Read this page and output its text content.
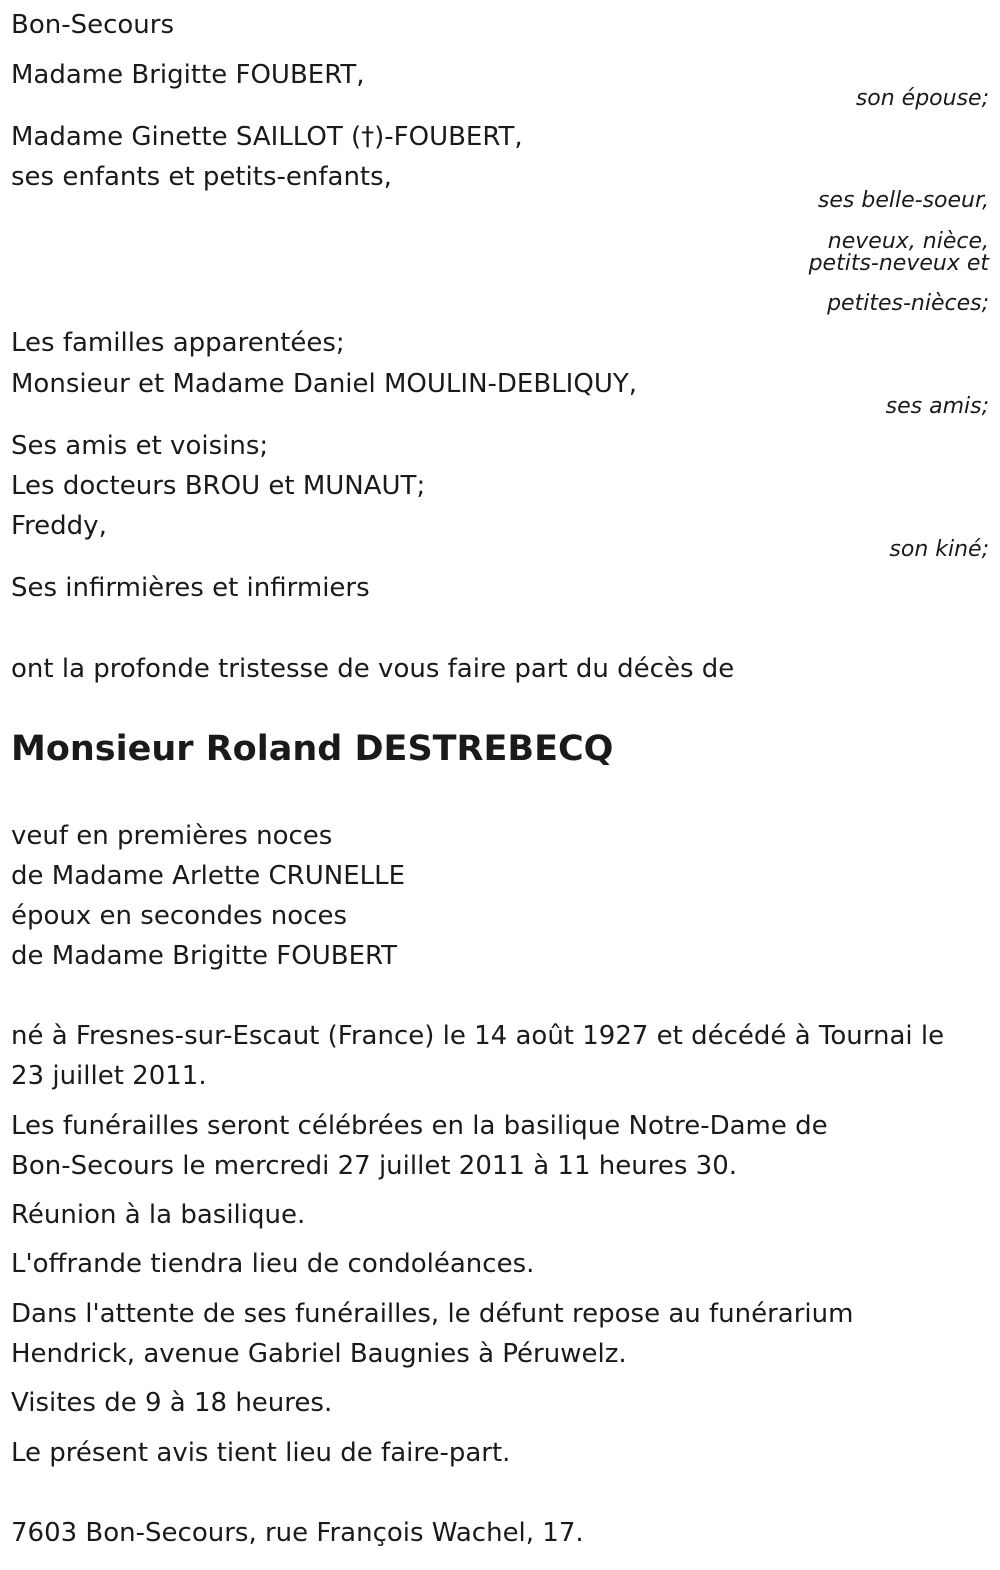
Bon-Secours
Madame Brigitte FOUBERT,
son épouse;
Madame Ginette SAILLOT (†)-FOUBERT,
ses enfants et petits-enfants,
ses belle-soeur,
neveux, nièce,
petits-neveux et
petites-nièces;
Les familles apparentées;
Monsieur et Madame Daniel MOULIN-DEBLIQUY,
ses amis;
Ses amis et voisins;
Les docteurs BROU et MUNAUT;
Freddy,
son kiné;
Ses infirmières et infirmiers
ont la profonde tristesse de vous faire part du décès de
Monsieur Roland DESTREBECQ
veuf en premières noces
de Madame Arlette CRUNELLE
époux en secondes noces
de Madame Brigitte FOUBERT
né à Fresnes-sur-Escaut (France) le 14 août 1927 et décédé à Tournai le
23 juillet 2011.
Les funérailles seront célébrées en la basilique Notre-Dame de
Bon-Secours le mercredi 27 juillet 2011 à 11 heures 30.
Réunion à la basilique.
L'offrande tiendra lieu de condoléances.
Dans l'attente de ses funérailles, le défunt repose au funérarium
Hendrick, avenue Gabriel Baugnies à Péruwelz.
Visites de 9 à 18 heures.
Le présent avis tient lieu de faire-part.
7603 Bon-Secours, rue François Wachel, 17.
